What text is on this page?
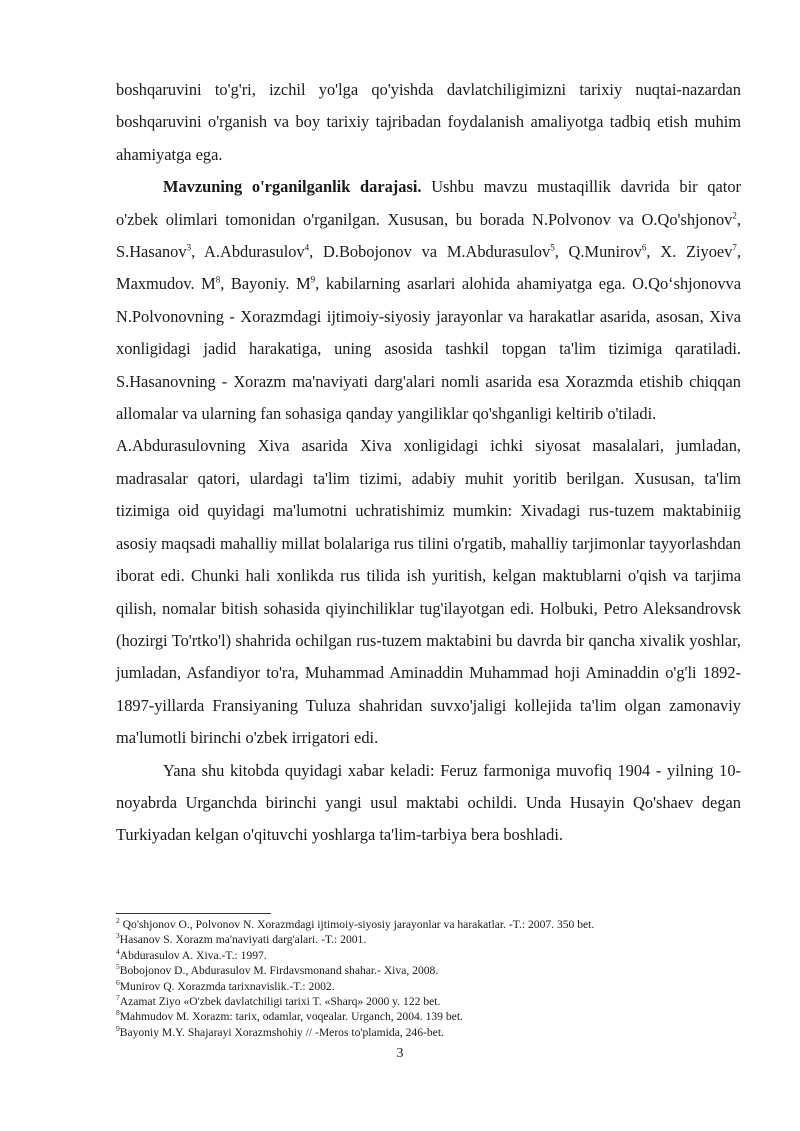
boshqaruvini to'g'ri, izchil yo'lga qo'yishda davlatchiligimizni tarixiy nuqtai-nazardan boshqaruvini o'rganish va boy tarixiy tajribadan foydalanish amaliyotga tadbiq etish muhim ahamiyatga ega.

Mavzuning o'rganilganlik darajasi. Ushbu mavzu mustaqillik davrida bir qator o'zbek olimlari tomonidan o'rganilgan. Xususan, bu borada N.Polvonov va O.Qo'shjonov$^2$, S.Hasanov$^3$, A.Abdurasulov$^4$, D.Bobojonov va M.Abdurasulov$^5$, Q.Munirov$^6$, X. Ziyoev$^7$, Maxmudov. $M^8$, Bayoniy. $M^9$, kabilarning asarlari alohida ahamiyatga ega. O.Qo‘shjonovva N.Polvonovning - Xorazmdagi ijtimoiy-siyosiy jarayonlar va harakatlar asarida, asosan, Xiva xonligidagi jadid harakatiga, uning asosida tashkil topgan ta'lim tizimiga qaratiladi. S.Hasanovning - Xorazm ma'naviyati darg'alari nomli asarida esa Xorazmda etishib chiqqan allomalar va ularning fan sohasiga qanday yangiliklar qo'shganligi keltirib o'tiladi.

A.Abdurasulovning Xiva asarida Xiva xonligidagi ichki siyosat masalalari, jumladan, madrasalar qatori, ulardagi ta'lim tizimi, adabiy muhit yoritib berilgan. Xususan, ta'lim tizimiga oid quyidagi ma'lumotni uchratishimiz mumkin: Xivadagi rus-tuzem maktabiniig asosiy maqsadi mahalliy millat bolalariga rus tilini o'rgatib, mahalliy tarjimonlar tayyorlashdan iborat edi. Chunki hali xonlikda rus tilida ish yuritish, kelgan maktublarni o'qish va tarjima qilish, nomalar bitish sohasida qiyinchiliklar tug'ilayotgan edi. Holbuki, Petro Aleksandrovsk (hozirgi To'rtko'l) shahrida ochilgan rus-tuzem maktabini bu davrda bir qancha xivalik yoshlar, jumladan, Asfandiyor to'ra, Muhammad Aminaddin Muhammad hoji Aminaddin o'g'li 1892-1897-yillarda Fransiyaning Tuluza shahridan suvxo'jaligi kollejida ta'lim olgan zamonaviy ma'lumotli birinchi o'zbek irrigatori edi.

Yana shu kitobda quyidagi xabar keladi: Feruz farmoniga muvofiq 1904 - yilning 10-noyabrda Urganchda birinchi yangi usul maktabi ochildi. Unda Husayin Qo'shaev degan Turkiyadan kelgan o'qituvchi yoshlarga ta'lim-tarbiya bera boshladi.

$^2$ Qo'shjonov O., Polvonov N. Xorazmdagi ijtimoiy-siyosiy jarayonlar va harakatlar. -T.: 2007. 350 bet.

$^3$Hasanov S. Xorazm ma'naviyati darg'alari. -T.: 2001.

$^4$Abdurasulov A. Xiva.-T.: 1997.

$^5$Bobojonov D., Abdurasulov M. Firdavsmonand shahar.- Xiva, 2008.

$^6$Munirov Q. Xorazmda tarixnavislik.-T.: 2002.

$^7$Azamat Ziyo «O'zbek davlatchiligi tarixi T. «Sharq» 2000 y. 122 bet.

$^8$Mahmudov M. Xorazm: tarix, odamlar, voqealar. Urganch, 2004. 139 bet.

$^9$Bayoniy M.Y. Shajarayi Xorazmshohiy // -Meros to'plamida, 246-bet.

3
